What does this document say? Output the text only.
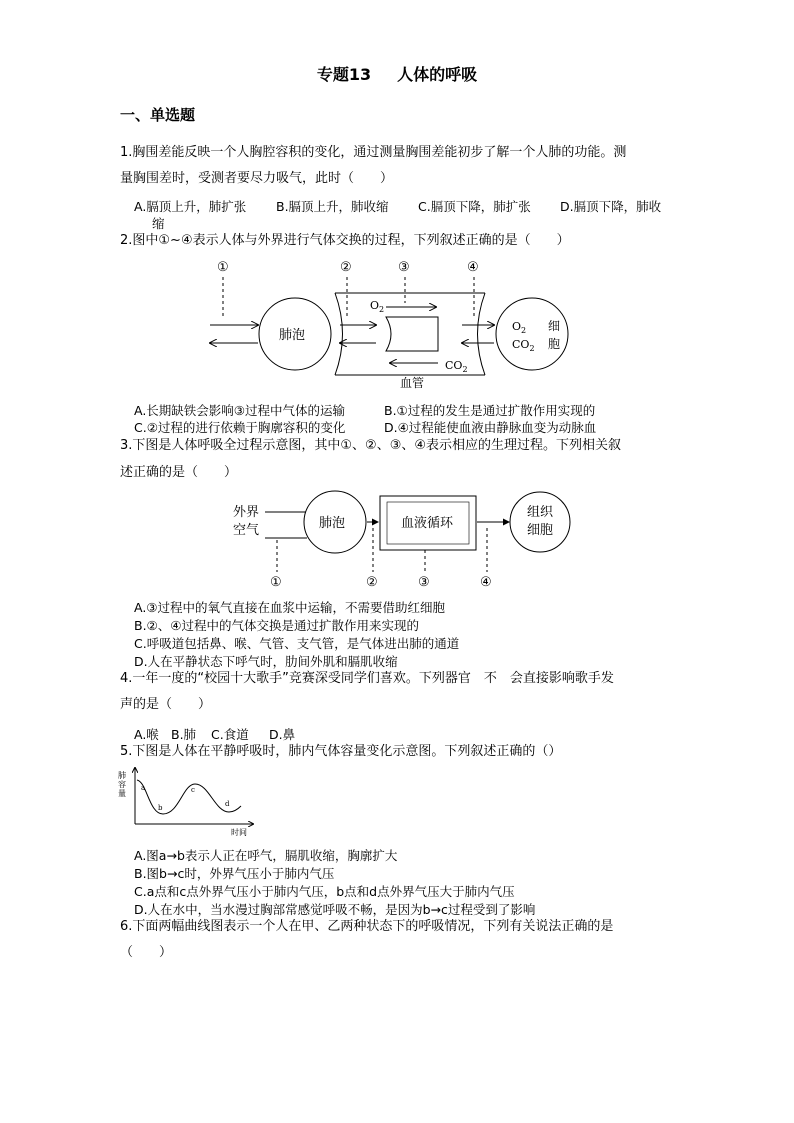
专题13 人体的呼吸
一、单选题
1.胸围差能反映一个人胸腔容积的变化，通过测量胸围差能初步了解一个人肺的功能。测
量胸围差时，受测者要尽力吸气，此时（　　）
A.膈顶上升，肺扩张 B.膈顶上升，肺收缩 C.膈顶下降，肺扩张 D.膈顶下降，肺收
缩
2.图中①~④表示人体与外界进行气体交换的过程，下列叙述正确的是（　　）
①	②	③	④
肺泡
$O_2$
$CO_2$
$O_2$
$CO_2$
细
胞
血管
A.长期缺铁会影响③过程中气体的运输	B.①过程的发生是通过扩散作用实现的
C.②过程的进行依赖于胸廓容积的变化	D.④过程能使血液由静脉血变为动脉血
3.下图是人体呼吸全过程示意图，其中①、②、③、④表示相应的生理过程。下列相关叙
述正确的是（　　）
外界
空气	肺泡	血液循环
组织
细胞
①	②	③	④
A.③过程中的氧气直接在血浆中运输，不需要借助红细胞
B.②、④过程中的气体交换是通过扩散作用来实现的
C.呼吸道包括鼻、喉、气管、支气管，是气体进出肺的通道
D.人在平静状态下呼气时，肋间外肌和膈肌收缩
4.一年一度的“校园十大歌手”竞赛深受同学们喜欢。下列器官　不　会直接影响歌手发
声的是（　　）
A.喉 B.肺 C.食道 D.鼻
5.下图是人体在平静呼吸时，肺内气体容量变化示意图。下列叙述正确的（）
肺
容
量
a
b
c
d
时间
A.图a→b表示人正在呼气，膈肌收缩，胸廓扩大
B.图b→c时，外界气压小于肺内气压
C.a点和c点外界气压小于肺内气压，b点和d点外界气压大于肺内气压
D.人在水中，当水漫过胸部常感觉呼吸不畅，是因为b→c过程受到了影响
6.下面两幅曲线图表示一个人在甲、乙两种状态下的呼吸情况，下列有关说法正确的是
（　　）
